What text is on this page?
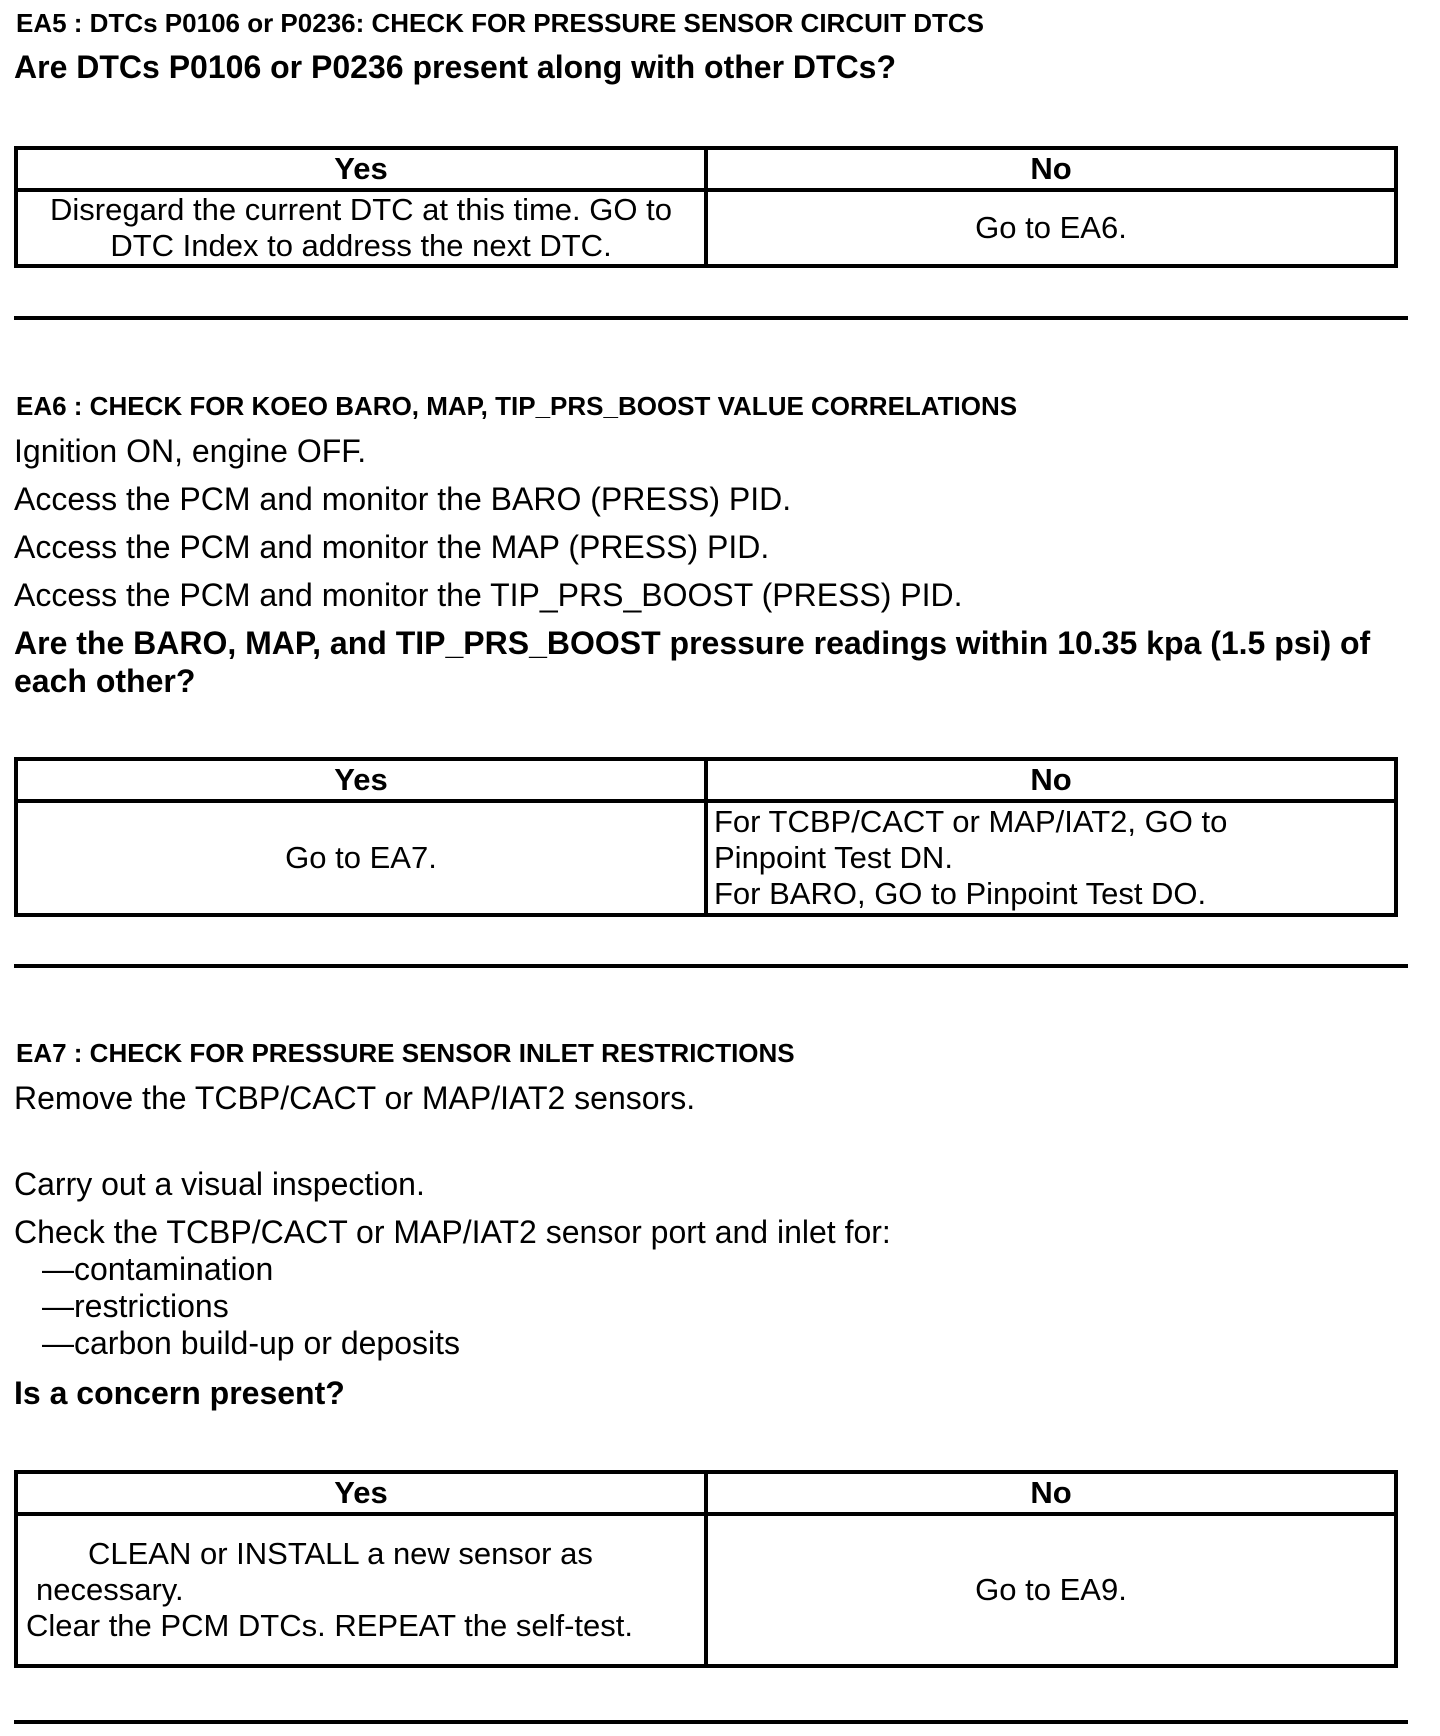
EA5 : DTCs P0106 or P0236: CHECK FOR PRESSURE SENSOR CIRCUIT DTCS
Are DTCs P0106 or P0236 present along with other DTCs?
Yes	No

Disregard the current DTC at this time. GO to
DTC Index to address the next DTC.	Go to EA6.
EA6 : CHECK FOR KOEO BARO, MAP, TIP_PRS_BOOST VALUE CORRELATIONS
Ignition ON, engine OFF.
Access the PCM and monitor the BARO (PRESS) PID.
Access the PCM and monitor the MAP (PRESS) PID.
Access the PCM and monitor the TIP_PRS_BOOST (PRESS) PID.
Are the BARO, MAP, and TIP_PRS_BOOST pressure readings within 10.35 kpa (1.5 psi) of each other?
Yes	No

Go to EA7.	For TCBP/CACT or MAP/IAT2, GO to
Pinpoint Test DN.
For BARO, GO to Pinpoint Test DO.
EA7 : CHECK FOR PRESSURE SENSOR INLET RESTRICTIONS
Remove the TCBP/CACT or MAP/IAT2 sensors.
Carry out a visual inspection.
Check the TCBP/CACT or MAP/IAT2 sensor port and inlet for:
—contamination
—restrictions
—carbon build-up or deposits
Is a concern present?
Yes	No

CLEAN or INSTALL a new sensor as
necessary.
Clear the PCM DTCs. REPEAT the self-test.	Go to EA9.
